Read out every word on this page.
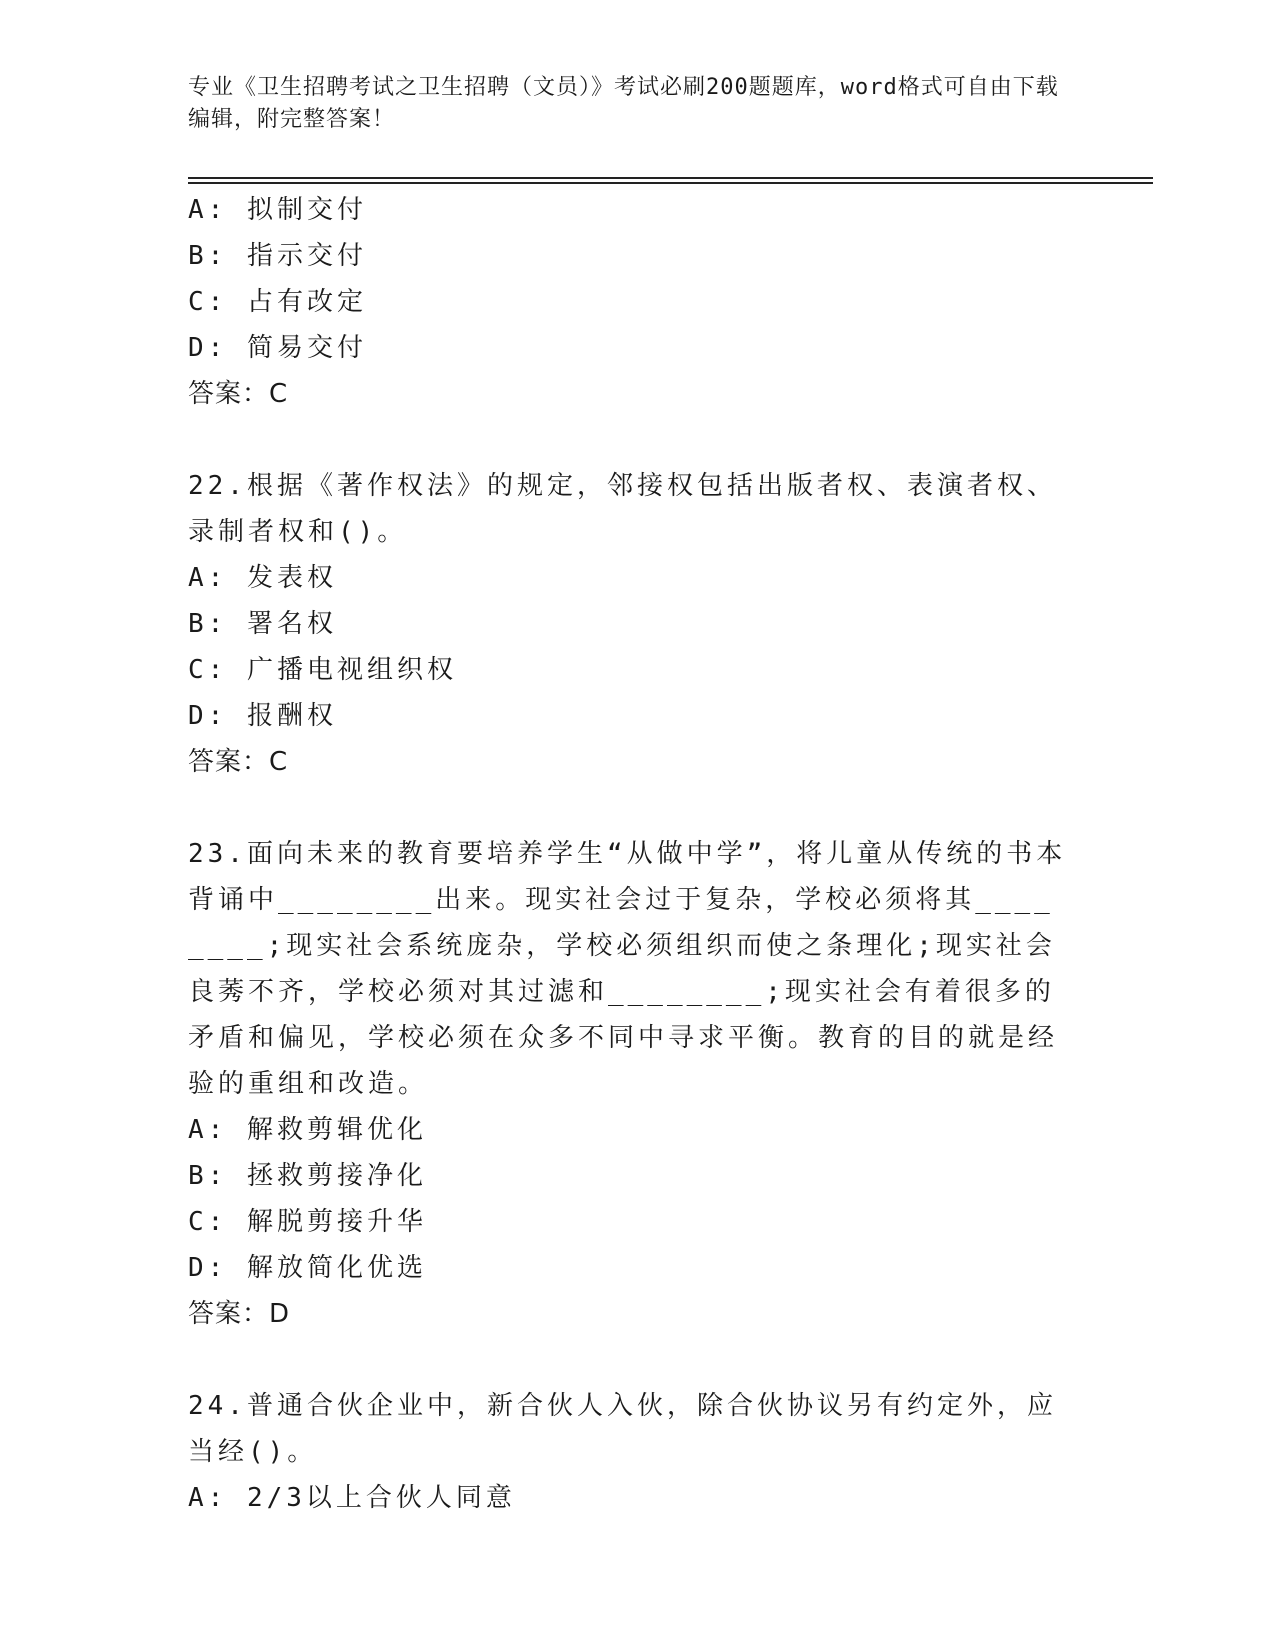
专业《卫生招聘考试之卫生招聘（文员）》考试必刷200题题库，word格式可自由下载编辑，附完整答案！
A: 拟制交付
B: 指示交付
C: 占有改定
D: 简易交付
答案：C
22.根据《著作权法》的规定，邻接权包括出版者权、表演者权、录制者权和()。
A: 发表权
B: 署名权
C: 广播电视组织权
D: 报酬权
答案：C
23.面向未来的教育要培养学生“从做中学”，将儿童从传统的书本背诵中________出来。现实社会过于复杂，学校必须将其________;现实社会系统庞杂，学校必须组织而使之条理化;现实社会良莠不齐，学校必须对其过滤和________;现实社会有着很多的矛盾和偏见，学校必须在众多不同中寻求平衡。教育的目的就是经验的重组和改造。
A: 解救剪辑优化
B: 拯救剪接净化
C: 解脱剪接升华
D: 解放简化优选
答案：D
24.普通合伙企业中，新合伙人入伙，除合伙协议另有约定外，应当经()。
A: 2/3以上合伙人同意
